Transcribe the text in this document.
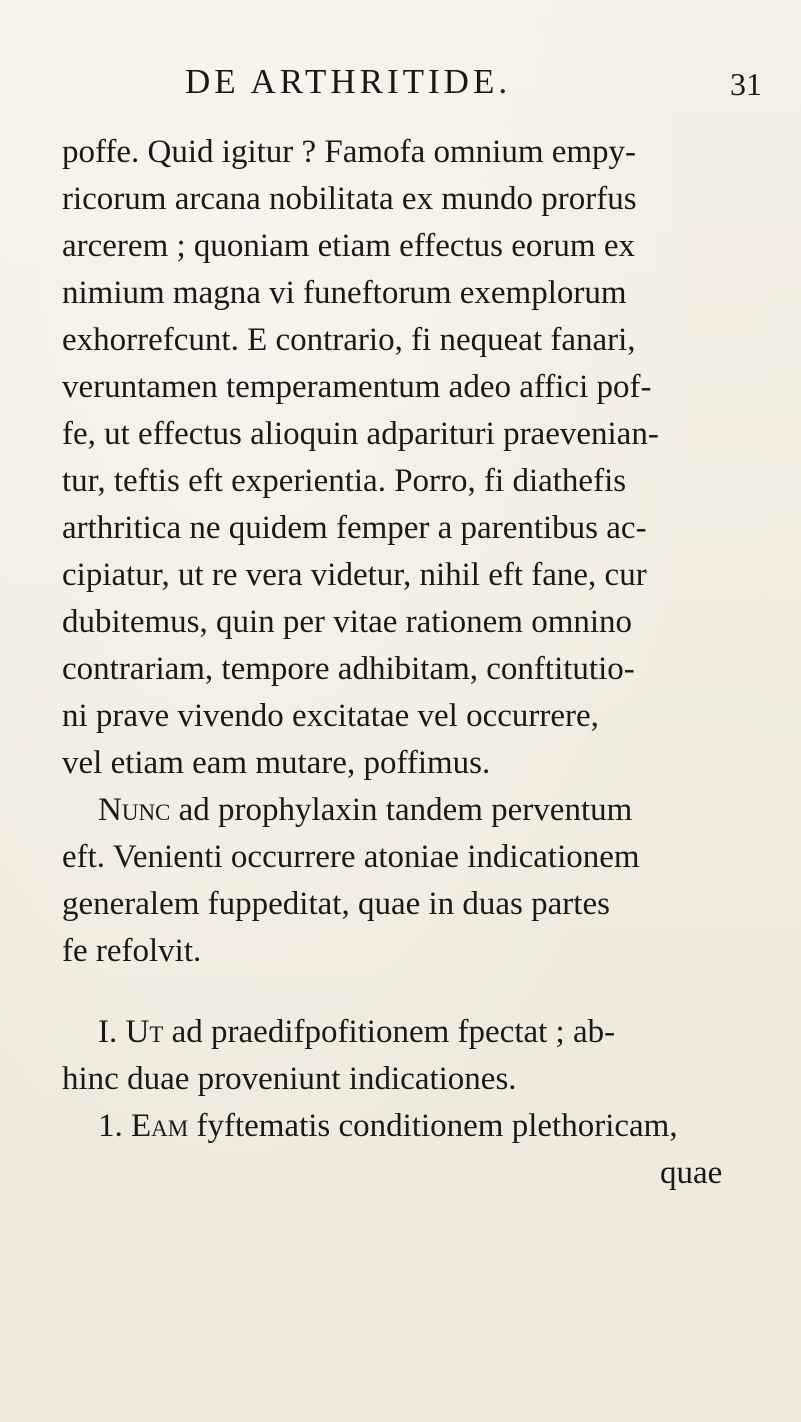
DE ARTHRITIDE.	31
poffe. Quid igitur ? Famofa omnium empy-
ricorum arcana nobilitata ex mundo prorfus
arcerem ; quoniam etiam effectus eorum ex
nimium magna vi funeftorum exemplorum
exhorrefcunt. E contrario, fi nequeat fanari,
veruntamen temperamentum adeo affici pof-
fe, ut effectus alioquin adparituri praevenian-
tur, teftis eft experientia. Porro, fi diathefis
arthritica ne quidem femper a parentibus ac-
cipiatur, ut re vera videtur, nihil eft fane, cur
dubitemus, quin per vitae rationem omnino
contrariam, tempore adhibitam, conftitutio-
ni prave vivendo excitatae vel occurrere,
vel etiam eam mutare, poffimus.
Nunc ad prophylaxin tandem perventum
eft. Venienti occurrere atoniae indicationem
generalem fuppeditat, quae in duas partes
fe refolvit.
I. Ut ad praedifpofitionem fpectat ; ab-
hinc duae proveniunt indicationes.
1. Eam fyftematis conditionem plethoricam,
quae
